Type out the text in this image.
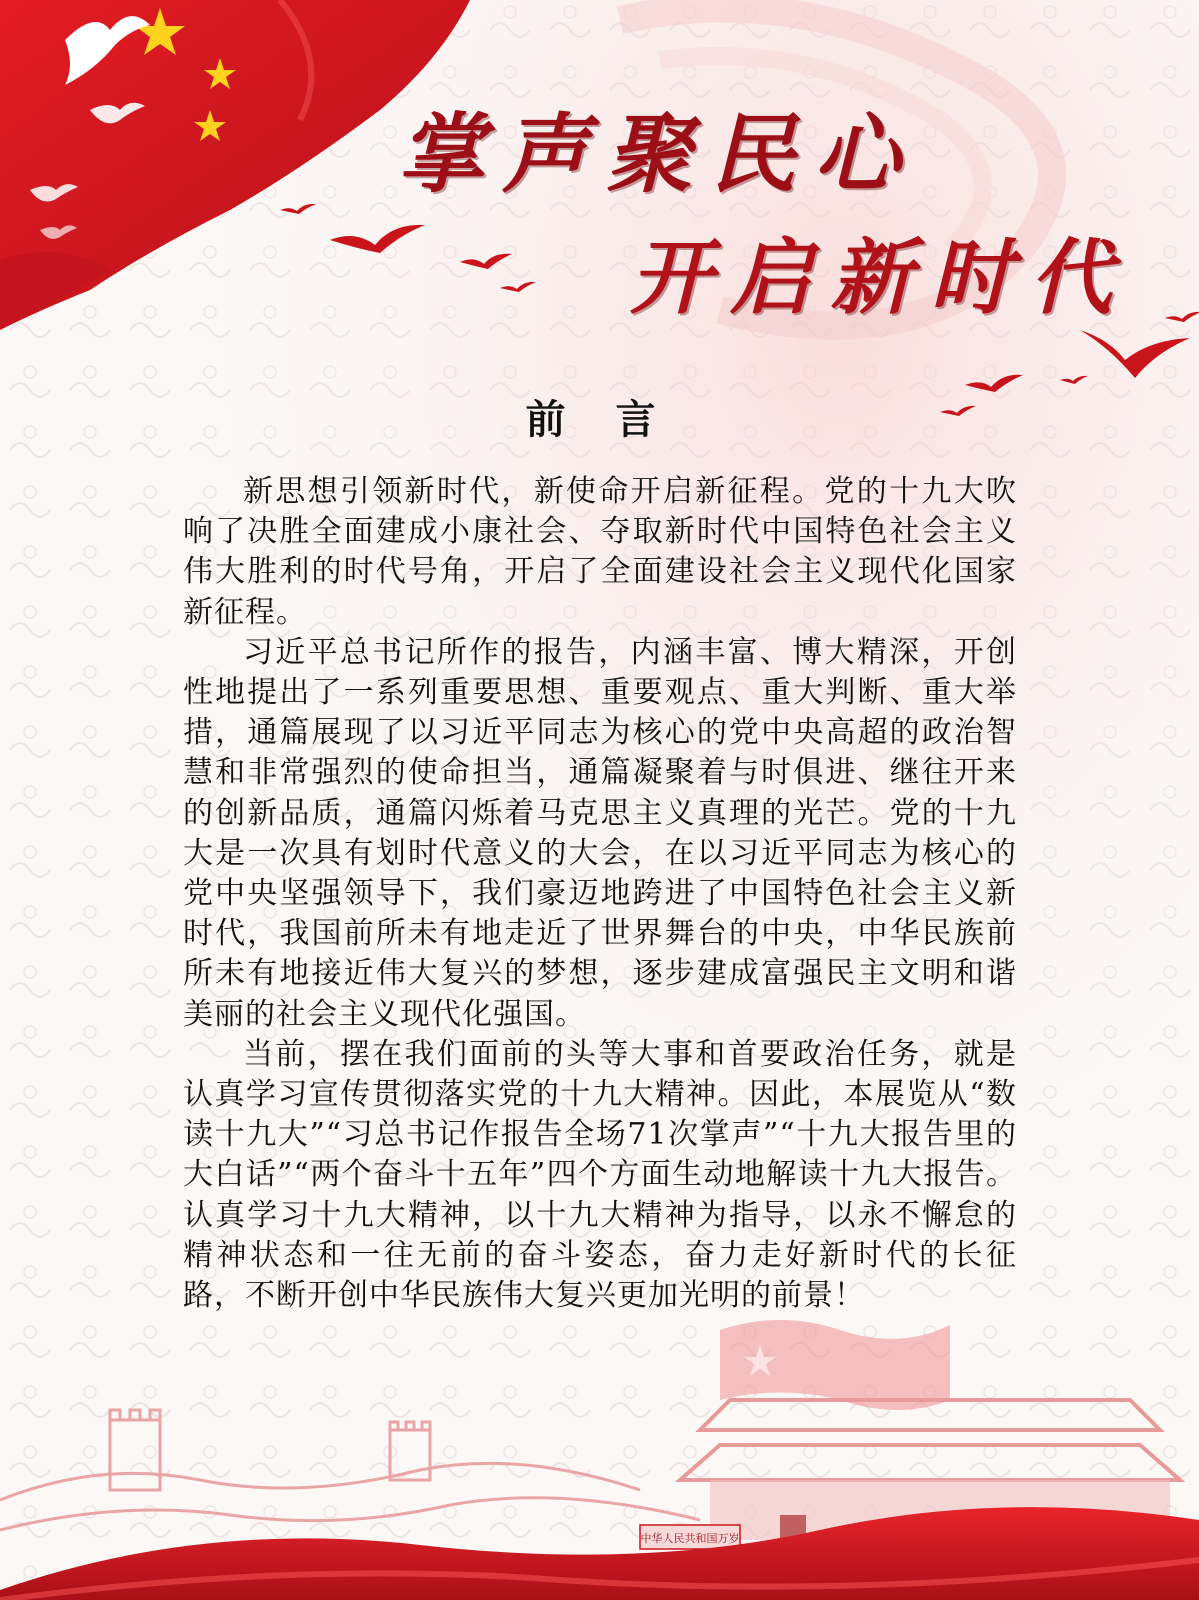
中华人民共和国万岁
掌声聚民心
开启新时代
前 言

新思想引领新时代，新使命开启新征程。党的十九大吹响了决胜全面建成小康社会、夺取新时代中国特色社会主义伟大胜利的时代号角，开启了全面建设社会主义现代化国家新征程。

习近平总书记所作的报告，内涵丰富、博大精深，开创性地提出了一系列重要思想、重要观点、重大判断、重大举措，通篇展现了以习近平同志为核心的党中央高超的政治智慧和非常强烈的使命担当，通篇凝聚着与时俱进、继往开来的创新品质，通篇闪烁着马克思主义真理的光芒。党的十九大是一次具有划时代意义的大会，在以习近平同志为核心的党中央坚强领导下，我们豪迈地跨进了中国特色社会主义新时代，我国前所未有地走近了世界舞台的中央，中华民族前所未有地接近伟大复兴的梦想，逐步建成富强民主文明和谐美丽的社会主义现代化强国。

当前，摆在我们面前的头等大事和首要政治任务，就是认真学习宣传贯彻落实党的十九大精神。因此，本展览从“数读十九大”“习总书记作报告全场71次掌声”“十九大报告里的大白话”“两个奋斗十五年”四个方面生动地解读十九大报告。认真学习十九大精神，以十九大精神为指导，以永不懈怠的精神状态和一往无前的奋斗姿态，奋力走好新时代的长征路，不断开创中华民族伟大复兴更加光明的前景！
